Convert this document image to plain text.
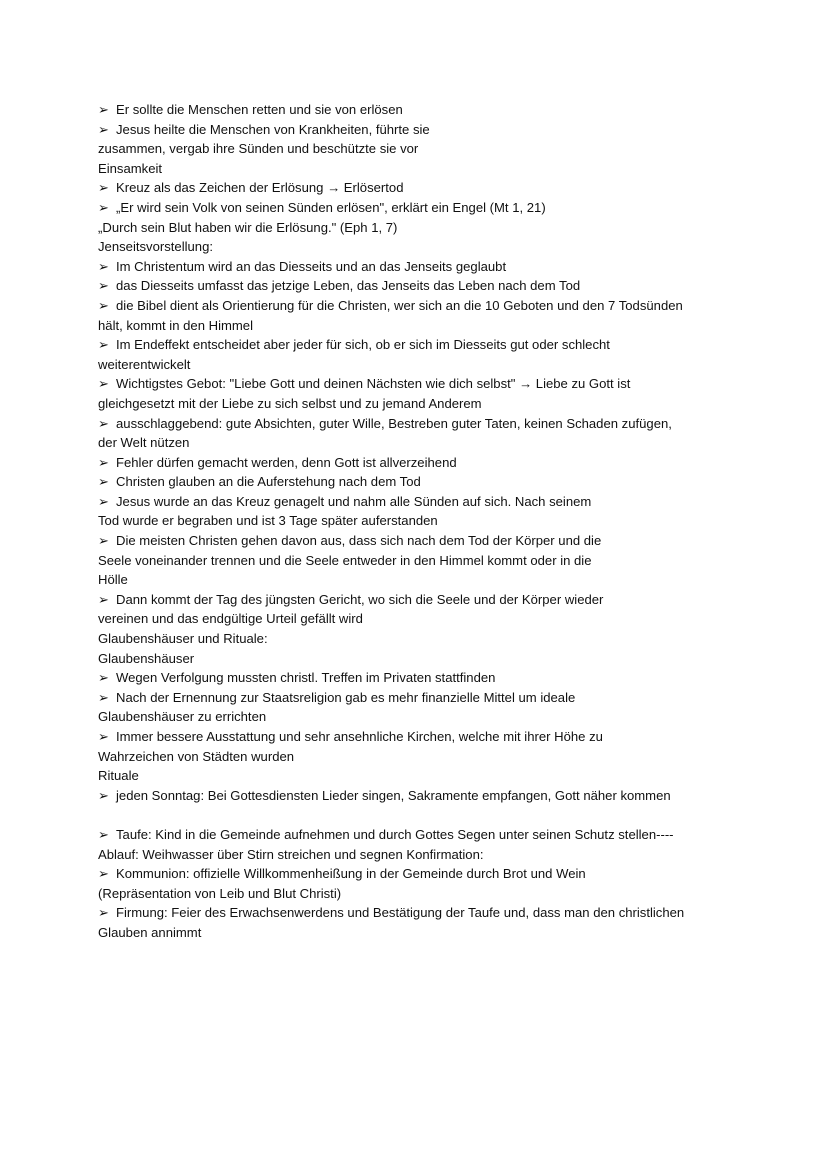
➢ Er sollte die Menschen retten und sie von erlösen
➢ Jesus heilte die Menschen von Krankheiten, führte sie
zusammen, vergab ihre Sünden und beschützte sie vor
Einsamkeit
➢ Kreuz als das Zeichen der Erlösung → Erlösertod
➢ „Er wird sein Volk von seinen Sünden erlösen", erklärt ein Engel (Mt 1, 21)
„Durch sein Blut haben wir die Erlösung." (Eph 1, 7)
Jenseitsvorstellung:
➢ Im Christentum wird an das Diesseits und an das Jenseits geglaubt
➢ das Diesseits umfasst das jetzige Leben, das Jenseits das Leben nach dem Tod
➢ die Bibel dient als Orientierung für die Christen, wer sich an die 10 Geboten und den 7 Todsünden
hält, kommt in den Himmel
➢ Im Endeffekt entscheidet aber jeder für sich, ob er sich im Diesseits gut oder schlecht
weiterentwickelt
➢ Wichtigstes Gebot: "Liebe Gott und deinen Nächsten wie dich selbst" → Liebe zu Gott ist
gleichgesetzt mit der Liebe zu sich selbst und zu jemand Anderem
➢ ausschlaggebend: gute Absichten, guter Wille, Bestreben guter Taten, keinen Schaden zufügen,
der Welt nützen
➢ Fehler dürfen gemacht werden, denn Gott ist allverzeihend
➢ Christen glauben an die Auferstehung nach dem Tod
➢ Jesus wurde an das Kreuz genagelt und nahm alle Sünden auf sich. Nach seinem
Tod wurde er begraben und ist 3 Tage später auferstanden
➢ Die meisten Christen gehen davon aus, dass sich nach dem Tod der Körper und die
Seele voneinander trennen und die Seele entweder in den Himmel kommt oder in die
Hölle
➢ Dann kommt der Tag des jüngsten Gericht, wo sich die Seele und der Körper wieder
vereinen und das endgültige Urteil gefällt wird
Glaubenshäuser und Rituale:
Glaubenshäuser
➢ Wegen Verfolgung mussten christl. Treffen im Privaten stattfinden
➢ Nach der Ernennung zur Staatsreligion gab es mehr finanzielle Mittel um ideale
Glaubenshäuser zu errichten
➢ Immer bessere Ausstattung und sehr ansehnliche Kirchen, welche mit ihrer Höhe zu
Wahrzeichen von Städten wurden
Rituale
➢ jeden Sonntag: Bei Gottesdiensten Lieder singen, Sakramente empfangen, Gott näher kommen
➢ Taufe: Kind in die Gemeinde aufnehmen und durch Gottes Segen unter seinen Schutz stellen----
Ablauf: Weihwasser über Stirn streichen und segnen Konfirmation:
➢ Kommunion: offizielle Willkommenheißung in der Gemeinde durch Brot und Wein
(Repräsentation von Leib und Blut Christi)
➢ Firmung: Feier des Erwachsenwerdens und Bestätigung der Taufe und, dass man den christlichen
Glauben annimmt
